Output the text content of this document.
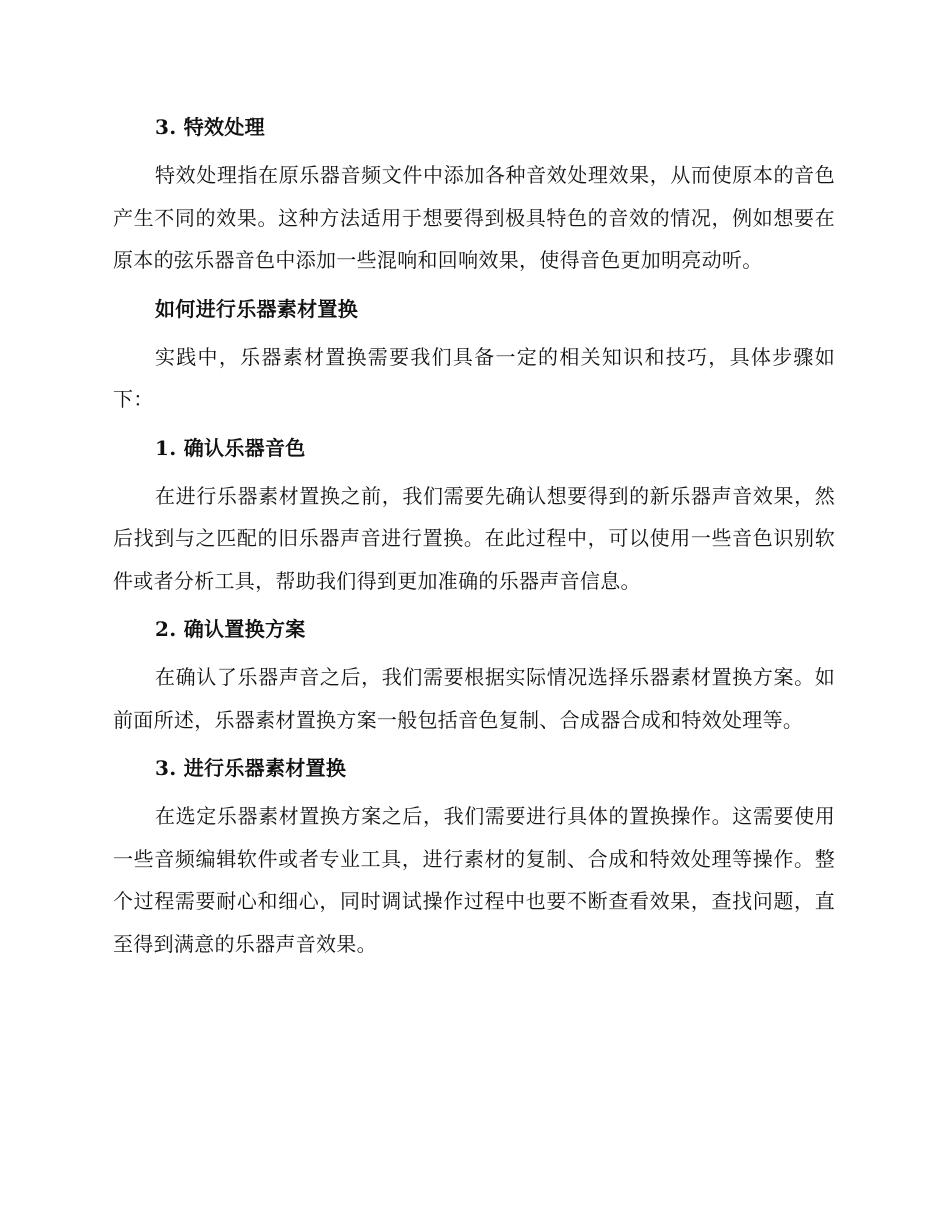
3. 特效处理

特效处理指在原乐器音频文件中添加各种音效处理效果，从而使原本的音色产生不同的效果。这种方法适用于想要得到极具特色的音效的情况，例如想要在原本的弦乐器音色中添加一些混响和回响效果，使得音色更加明亮动听。

如何进行乐器素材置换

实践中，乐器素材置换需要我们具备一定的相关知识和技巧，具体步骤如下：

1. 确认乐器音色

在进行乐器素材置换之前，我们需要先确认想要得到的新乐器声音效果，然后找到与之匹配的旧乐器声音进行置换。在此过程中，可以使用一些音色识别软件或者分析工具，帮助我们得到更加准确的乐器声音信息。

2. 确认置换方案

在确认了乐器声音之后，我们需要根据实际情况选择乐器素材置换方案。如前面所述，乐器素材置换方案一般包括音色复制、合成器合成和特效处理等。

3. 进行乐器素材置换

在选定乐器素材置换方案之后，我们需要进行具体的置换操作。这需要使用一些音频编辑软件或者专业工具，进行素材的复制、合成和特效处理等操作。整个过程需要耐心和细心，同时调试操作过程中也要不断查看效果，查找问题，直至得到满意的乐器声音效果。
